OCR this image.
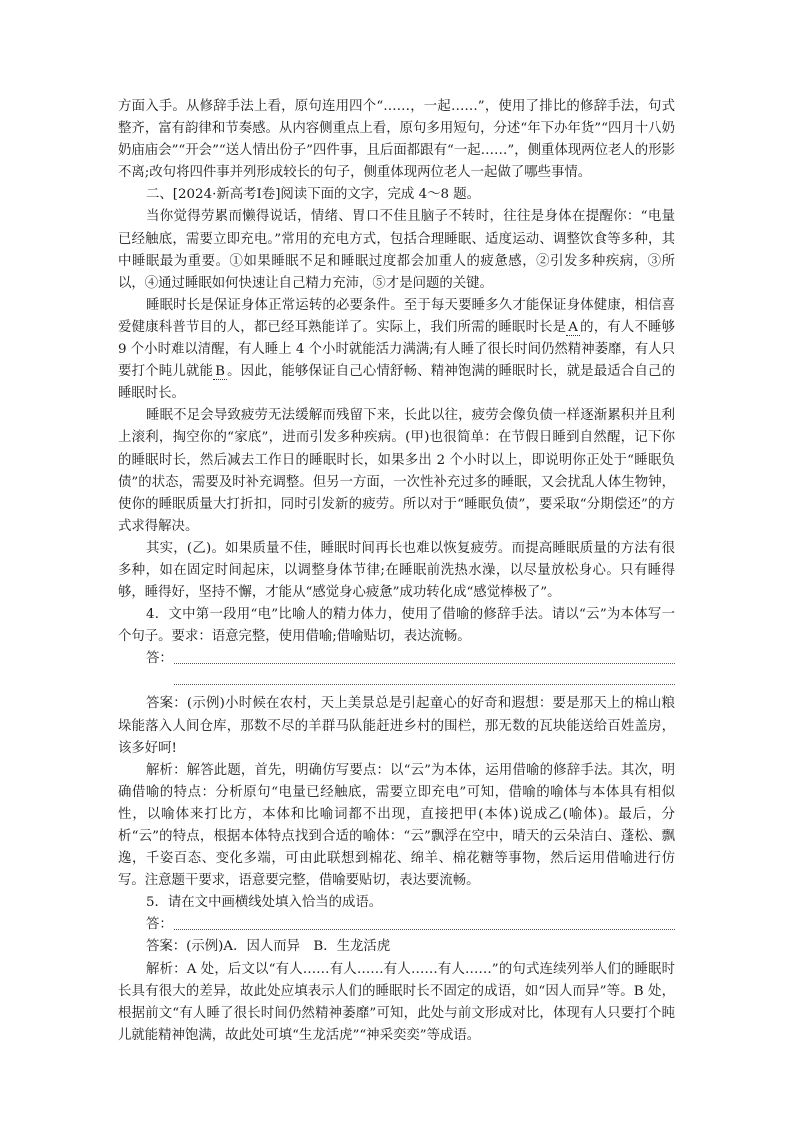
方面入手。从修辞手法上看，原句连用四个“……，一起……”，使用了排比的修辞手法，句式整齐，富有韵律和节奏感。从内容侧重点上看，原句多用短句，分述“年下办年货”“四月十八奶奶庙庙会”“开会”“送人情出份子”四件事，且后面都跟有“一起……”，侧重体现两位老人的形影不离;改句将四件事并列形成较长的句子，侧重体现两位老人一起做了哪些事情。

二、[2024·新高考Ⅰ卷]阅读下面的文字，完成 4～8 题。

当你觉得劳累而懒得说话，情绪、胃口不佳且脑子不转时，往往是身体在提醒你：“电量已经触底，需要立即充电。”常用的充电方式，包括合理睡眠、适度运动、调整饮食等多种，其中睡眠最为重要。①如果睡眠不足和睡眠过度都会加重人的疲惫感，②引发多种疾病，③所以，④通过睡眠如何快速让自己精力充沛，⑤才是问题的关键。

睡眠时长是保证身体正常运转的必要条件。至于每天要睡多久才能保证身体健康，相信喜爱健康科普节目的人，都已经耳熟能详了。实际上，我们所需的睡眠时长是 A 的，有人不睡够 9 个小时难以清醒，有人睡上 4 个小时就能活力满满;有人睡了很长时间仍然精神萎靡，有人只要打个盹儿就能 B 。因此，能够保证自己心情舒畅、精神饱满的睡眠时长，就是最适合自己的睡眠时长。

睡眠不足会导致疲劳无法缓解而残留下来，长此以往，疲劳会像负债一样逐渐累积并且利上滚利，掏空你的“家底”，进而引发多种疾病。(甲)也很简单：在节假日睡到自然醒，记下你的睡眠时长，然后减去工作日的睡眠时长，如果多出 2 个小时以上，即说明你正处于“睡眠负债”的状态，需要及时补充调整。但另一方面，一次性补充过多的睡眠，又会扰乱人体生物钟，使你的睡眠质量大打折扣，同时引发新的疲劳。所以对于“睡眠负债”，要采取“分期偿还”的方式求得解决。

其实，(乙)。如果质量不佳，睡眠时间再长也难以恢复疲劳。而提高睡眠质量的方法有很多种，如在固定时间起床，以调整身体节律;在睡眠前洗热水澡，以尽量放松身心。只有睡得够，睡得好，坚持不懈，才能从“感觉身心疲惫”成功转化成“感觉棒极了”。

4．文中第一段用“电”比喻人的精力体力，使用了借喻的修辞手法。请以“云”为本体写一个句子。要求：语意完整，使用借喻;借喻贴切，表达流畅。

答：

答案：(示例)小时候在农村，天上美景总是引起童心的好奇和遐想：要是那天上的棉山粮垛能落入人间仓库，那数不尽的羊群马队能赶进乡村的围栏，那无数的瓦块能送给百姓盖房，该多好呵!

解析：解答此题，首先，明确仿写要点：以“云”为本体，运用借喻的修辞手法。其次，明确借喻的特点：分析原句“电量已经触底，需要立即充电”可知，借喻的喻体与本体具有相似性，以喻体来打比方，本体和比喻词都不出现，直接把甲(本体)说成乙(喻体)。最后，分析“云”的特点，根据本体特点找到合适的喻体：“云”飘浮在空中，晴天的云朵洁白、蓬松、飘逸，千姿百态、变化多端，可由此联想到棉花、绵羊、棉花糖等事物，然后运用借喻进行仿写。注意题干要求，语意要完整，借喻要贴切，表达要流畅。

5．请在文中画横线处填入恰当的成语。

答：

答案：(示例)A．因人而异　B．生龙活虎

解析：A 处，后文以“有人……有人……有人……有人……”的句式连续列举人们的睡眠时长具有很大的差异，故此处应填表示人们的睡眠时长不固定的成语，如“因人而异”等。B 处，根据前文“有人睡了很长时间仍然精神萎靡”可知，此处与前文形成对比，体现有人只要打个盹儿就能精神饱满，故此处可填“生龙活虎”“神采奕奕”等成语。
